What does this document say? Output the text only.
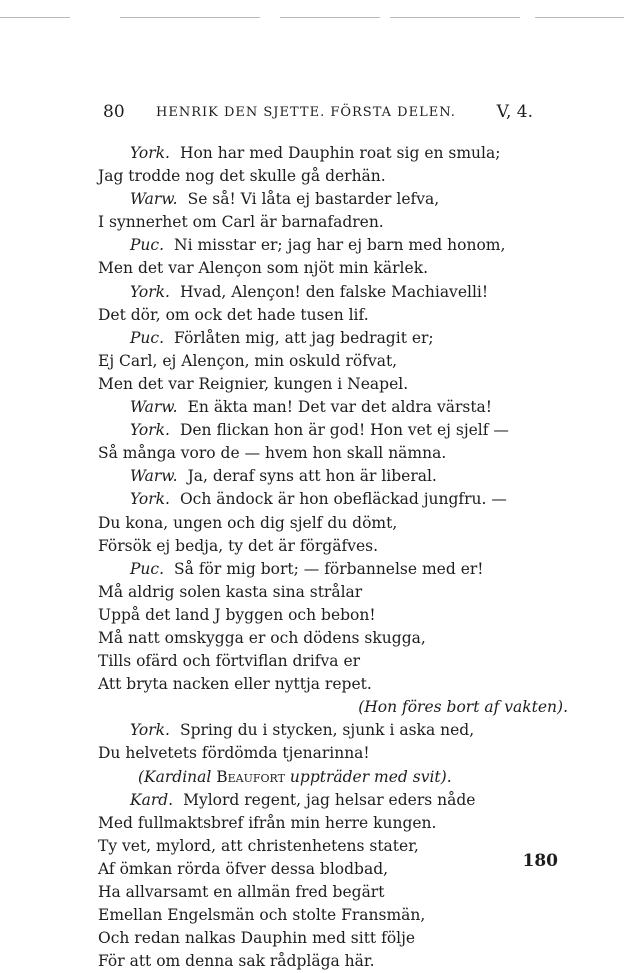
80 HENRIK DEN SJETTE. FÖRSTA DELEN. V, 4.
York. Hon har med Dauphin roat sig en smula;
Jag trodde nog det skulle gå derhän.
Warw. Se så! Vi låta ej bastarder lefva,
I synnerhet om Carl är barnafadren.
Puc. Ni misstar er; jag har ej barn med honom,
Men det var Alençon som njöt min kärlek.
York. Hvad, Alençon! den falske Machiavelli!
Det dör, om ock det hade tusen lif.
Puc. Förlåten mig, att jag bedragit er;
Ej Carl, ej Alençon, min oskuld röfvat,
Men det var Reignier, kungen i Neapel.
Warw. En äkta man! Det var det aldra värsta!
York. Den flickan hon är god! Hon vet ej sjelf —
Så många voro de — hvem hon skall nämna.
Warw. Ja, deraf syns att hon är liberal.
York. Och ändock är hon obefläckad jungfru. —
Du kona, ungen och dig sjelf du dömt,
Försök ej bedja, ty det är förgäfves.
Puc. Så för mig bort; — förbannelse med er!
Må aldrig solen kasta sina strålar
Uppå det land J byggen och bebon!
Må natt omskygga er och dödens skugga,
Tills ofärd och förtviflan drifva er
Att bryta nacken eller nyttja repet.
(Hon föres bort af vakten).
York. Spring du i stycken, sjunk i aska ned,
Du helvetets fördömda tjenarinna!
(Kardinal Beaufort uppträder med svit).
Kard. Mylord regent, jag helsar eders nåde
Med fullmaktsbref ifrån min herre kungen.
Ty vet, mylord, att christenhetens stater,
Af ömkan rörda öfver dessa blodbad,
Ha allvarsamt en allmän fred begärt
Emellan Engelsmän och stolte Fransmän,
Och redan nalkas Dauphin med sitt följe
För att om denna sak rådpläga här.
180
